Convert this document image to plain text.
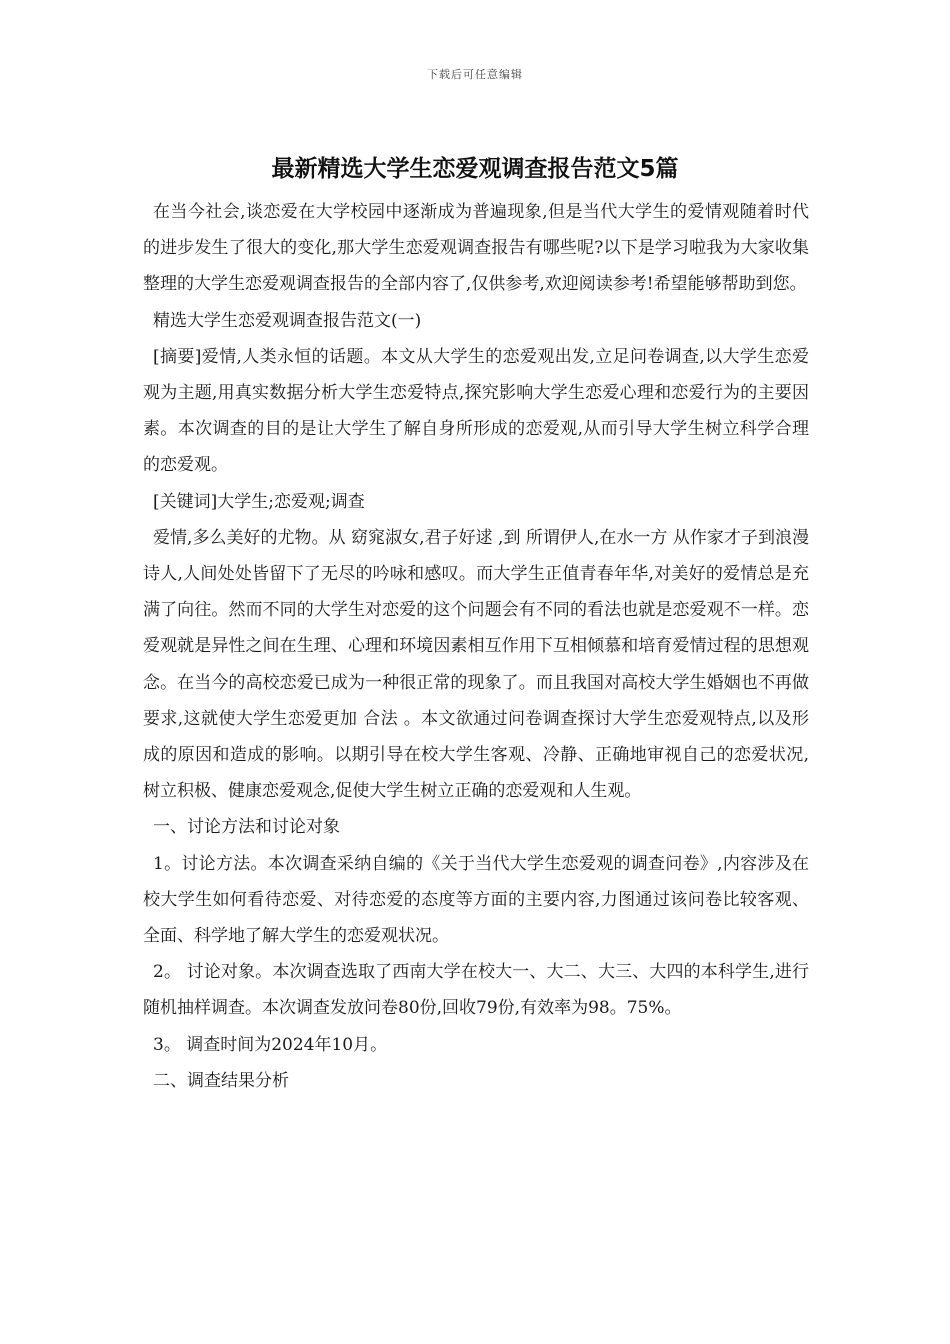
下载后可任意编辑
最新精选大学生恋爱观调查报告范文5篇

在当今社会,谈恋爱在大学校园中逐渐成为普遍现象,但是当代大学生的爱情观随着时代的进步发生了很大的变化,那大学生恋爱观调查报告有哪些呢?以下是学习啦我为大家收集整理的大学生恋爱观调查报告的全部内容了,仅供参考,欢迎阅读参考!希望能够帮助到您。

精选大学生恋爱观调查报告范文(一)

[摘要]爱情,人类永恒的话题。本文从大学生的恋爱观出发,立足问卷调查,以大学生恋爱观为主题,用真实数据分析大学生恋爱特点,探究影响大学生恋爱心理和恋爱行为的主要因素。本次调查的目的是让大学生了解自身所形成的恋爱观,从而引导大学生树立科学合理的恋爱观。

[关键词]大学生;恋爱观;调查

爱情,多么美好的尤物。从 窈窕淑女,君子好逑 ,到 所谓伊人,在水一方 从作家才子到浪漫诗人,人间处处皆留下了无尽的吟咏和感叹。而大学生正值青春年华,对美好的爱情总是充满了向往。然而不同的大学生对恋爱的这个问题会有不同的看法也就是恋爱观不一样。恋爱观就是异性之间在生理、心理和环境因素相互作用下互相倾慕和培育爱情过程的思想观念。在当今的高校恋爱已成为一种很正常的现象了。而且我国对高校大学生婚姻也不再做要求,这就使大学生恋爱更加 合法 。本文欲通过问卷调查探讨大学生恋爱观特点,以及形成的原因和造成的影响。以期引导在校大学生客观、冷静、正确地审视自己的恋爱状况,树立积极、健康恋爱观念,促使大学生树立正确的恋爱观和人生观。

一、讨论方法和讨论对象

1。讨论方法。本次调查采纳自编的《关于当代大学生恋爱观的调查问卷》,内容涉及在校大学生如何看待恋爱、对待恋爱的态度等方面的主要内容,力图通过该问卷比较客观、全面、科学地了解大学生的恋爱观状况。

2。 讨论对象。本次调查选取了西南大学在校大一、大二、大三、大四的本科学生,进行随机抽样调查。本次调查发放问卷80份,回收79份,有效率为98。75%。

3。 调查时间为2024年10月。

二、调查结果分析
